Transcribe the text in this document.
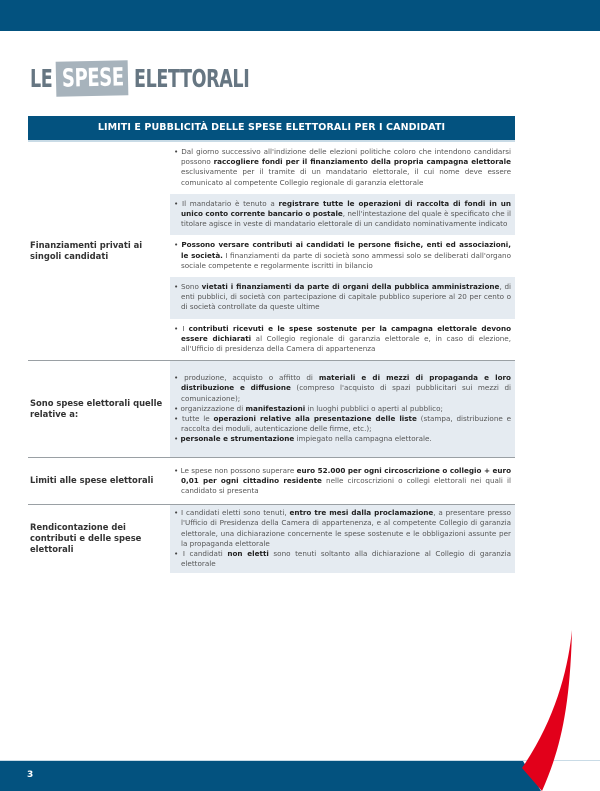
LE SPESE ELETTORALI
LIMITI E PUBBLICITÀ DELLE SPESE ELETTORALI PER I CANDIDATI
Finanziamenti privati ai singoli candidati
• Dal giorno successivo all'indizione delle elezioni politiche coloro che intendono candidarsi possono raccogliere fondi per il finanziamento della propria campagna elettorale esclusivamente per il tramite di un mandatario elettorale, il cui nome deve essere comunicato al competente Collegio regionale di garanzia elettorale
• Il mandatario è tenuto a registrare tutte le operazioni di raccolta di fondi in un unico conto corrente bancario o postale, nell'intestazione del quale è specificato che il titolare agisce in veste di mandatario elettorale di un candidato nominativamente indicato
• Possono versare contributi ai candidati le persone fisiche, enti ed associazioni, le società. I finanziamenti da parte di società sono ammessi solo se deliberati dall'organo sociale competente e regolarmente iscritti in bilancio
• Sono vietati i finanziamenti da parte di organi della pubblica amministrazione, di enti pubblici, di società con partecipazione di capitale pubblico superiore al 20 per cento o di società controllate da queste ultime
• I contributi ricevuti e le spese sostenute per la campagna elettorale devono essere dichiarati al Collegio regionale di garanzia elettorale e, in caso di elezione, all'Ufficio di presidenza della Camera di appartenenza
Sono spese elettorali quelle relative a:
• produzione, acquisto o affitto di materiali e di mezzi di propaganda e loro distribuzione e diffusione (compreso l'acquisto di spazi pubblicitari sui mezzi di comunicazione);
• organizzazione di manifestazioni in luoghi pubblici o aperti al pubblico;
• tutte le operazioni relative alla presentazione delle liste (stampa, distribuzione e raccolta dei moduli, autenticazione delle firme, etc.);
• personale e strumentazione impiegato nella campagna elettorale.
Limiti alle spese elettorali
• Le spese non possono superare euro 52.000 per ogni circoscrizione o collegio + euro 0,01 per ogni cittadino residente nelle circoscrizioni o collegi elettorali nei quali il candidato si presenta
Rendicontazione dei contributi e delle spese elettorali
• I candidati eletti sono tenuti, entro tre mesi dalla proclamazione, a presentare presso l'Ufficio di Presidenza della Camera di appartenenza, e al competente Collegio di garanzia elettorale, una dichiarazione concernente le spese sostenute e le obbligazioni assunte per la propaganda elettorale
• I candidati non eletti sono tenuti soltanto alla dichiarazione al Collegio di garanzia elettorale
3
